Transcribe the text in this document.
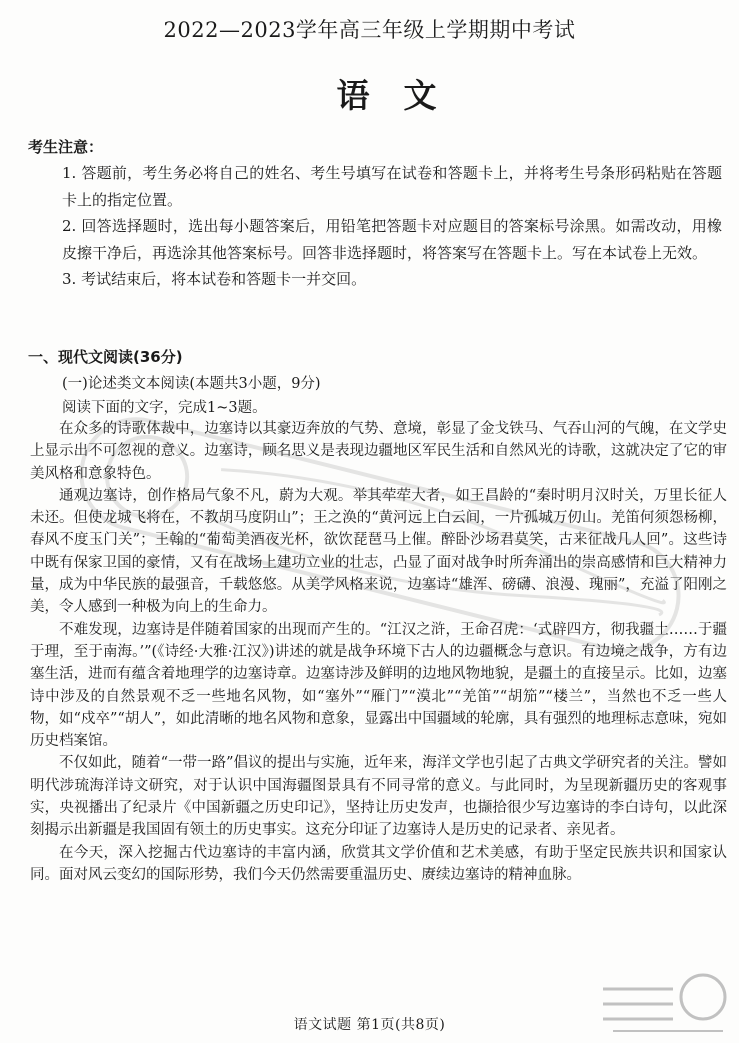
2022—2023学年高三年级上学期期中考试
语文
考生注意：

1. 答题前，考生务必将自己的姓名、考生号填写在试卷和答题卡上，并将考生号条形码粘贴在答题卡上的指定位置。

2. 回答选择题时，选出每小题答案后，用铅笔把答题卡对应题目的答案标号涂黑。如需改动，用橡皮擦干净后，再选涂其他答案标号。回答非选择题时，将答案写在答题卡上。写在本试卷上无效。

3. 考试结束后，将本试卷和答题卡一并交回。

一、现代文阅读(36分)
(一)论述类文本阅读(本题共3小题，9分)
阅读下面的文字，完成1~3题。

在众多的诗歌体裁中，边塞诗以其豪迈奔放的气势、意境，彰显了金戈铁马、气吞山河的气魄，在文学史上显示出不可忽视的意义。边塞诗，顾名思义是表现边疆地区军民生活和自然风光的诗歌，这就决定了它的审美风格和意象特色。

通观边塞诗，创作格局气象不凡，蔚为大观。举其荦荦大者，如王昌龄的“秦时明月汉时关，万里长征人未还。但使龙城飞将在，不教胡马度阴山”；王之涣的“黄河远上白云间，一片孤城万仞山。羌笛何须怨杨柳，春风不度玉门关”；王翰的“葡萄美酒夜光杯，欲饮琵琶马上催。醉卧沙场君莫笑，古来征战几人回”。这些诗中既有保家卫国的豪情，又有在战场上建功立业的壮志，凸显了面对战争时所奔涌出的崇高感情和巨大精神力量，成为中华民族的最强音，千载悠悠。从美学风格来说，边塞诗“雄浑、磅礴、浪漫、瑰丽”，充溢了阳刚之美，令人感到一种极为向上的生命力。

不难发现，边塞诗是伴随着国家的出现而产生的。“江汉之浒，王命召虎：‘式辟四方，彻我疆土……于疆于理，至于南海。’”(《诗经·大雅·江汉》)讲述的就是战争环境下古人的边疆概念与意识。有边境之战争，方有边塞生活，进而有蕴含着地理学的边塞诗章。边塞诗涉及鲜明的边地风物地貌，是疆土的直接呈示。比如，边塞诗中涉及的自然景观不乏一些地名风物，如“塞外”“雁门”“漠北”“羌笛”“胡笳”“楼兰”，当然也不乏一些人物，如“戍卒”“胡人”，如此清晰的地名风物和意象，显露出中国疆域的轮廓，具有强烈的地理标志意味，宛如历史档案馆。

不仅如此，随着“一带一路”倡议的提出与实施，近年来，海洋文学也引起了古典文学研究者的关注。譬如明代涉琉海洋诗文研究，对于认识中国海疆图景具有不同寻常的意义。与此同时，为呈现新疆历史的客观事实，央视播出了纪录片《中国新疆之历史印记》，坚持让历史发声，也撷拾很少写边塞诗的李白诗句，以此深刻揭示出新疆是我国固有领土的历史事实。这充分印证了边塞诗人是历史的记录者、亲见者。

在今天，深入挖掘古代边塞诗的丰富内涵，欣赏其文学价值和艺术美感，有助于坚定民族共识和国家认同。面对风云变幻的国际形势，我们今天仍然需要重温历史、赓续边塞诗的精神血脉。

语文试题 第1页(共8页)
